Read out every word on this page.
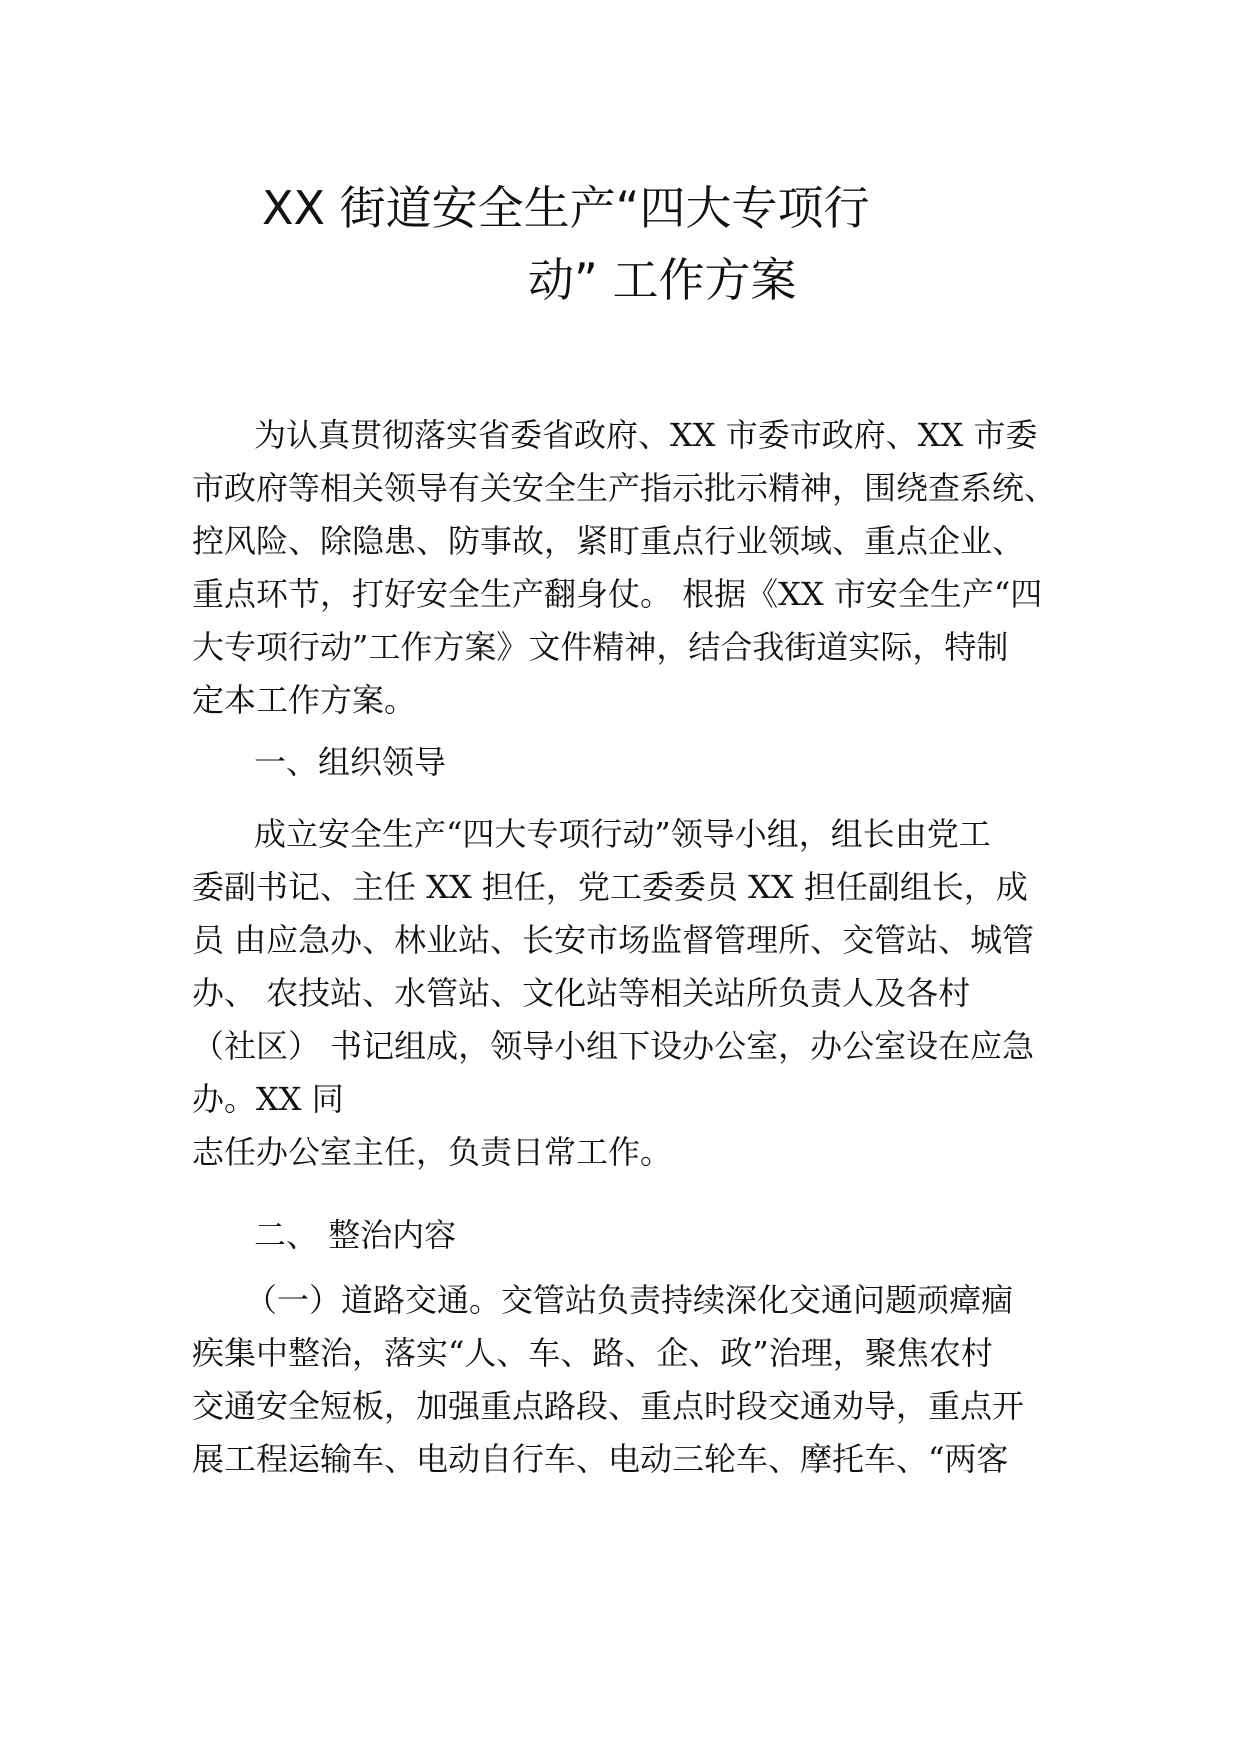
XX 街道安全生产“四大专项行
动” 工作方案
为认真贯彻落实省委省政府、XX 市委市政府、XX 市委
市政府等相关领导有关安全生产指示批示精神，围绕查系统、
控风险、除隐患、防事故，紧盯重点行业领域、重点企业、
重点环节，打好安全生产翻身仗。 根据《XX 市安全生产“四
大专项行动”工作方案》文件精神，结合我街道实际，特制
定本工作方案。
一、组织领导
成立安全生产“四大专项行动”领导小组，组长由党工
委副书记、主任 XX 担任，党工委委员 XX 担任副组长，成
员 由应急办、林业站、长安市场监督管理所、交管站、城管
办、 农技站、水管站、文化站等相关站所负责人及各村
（社区） 书记组成，领导小组下设办公室，办公室设在应急
办。XX 同
志任办公室主任，负责日常工作。
二、 整治内容
（一）道路交通。交管站负责持续深化交通问题顽瘴痼
疾集中整治，落实“人、车、路、企、政”治理，聚焦农村
交通安全短板，加强重点路段、重点时段交通劝导，重点开
展工程运输车、电动自行车、电动三轮车、摩托车、“两客
